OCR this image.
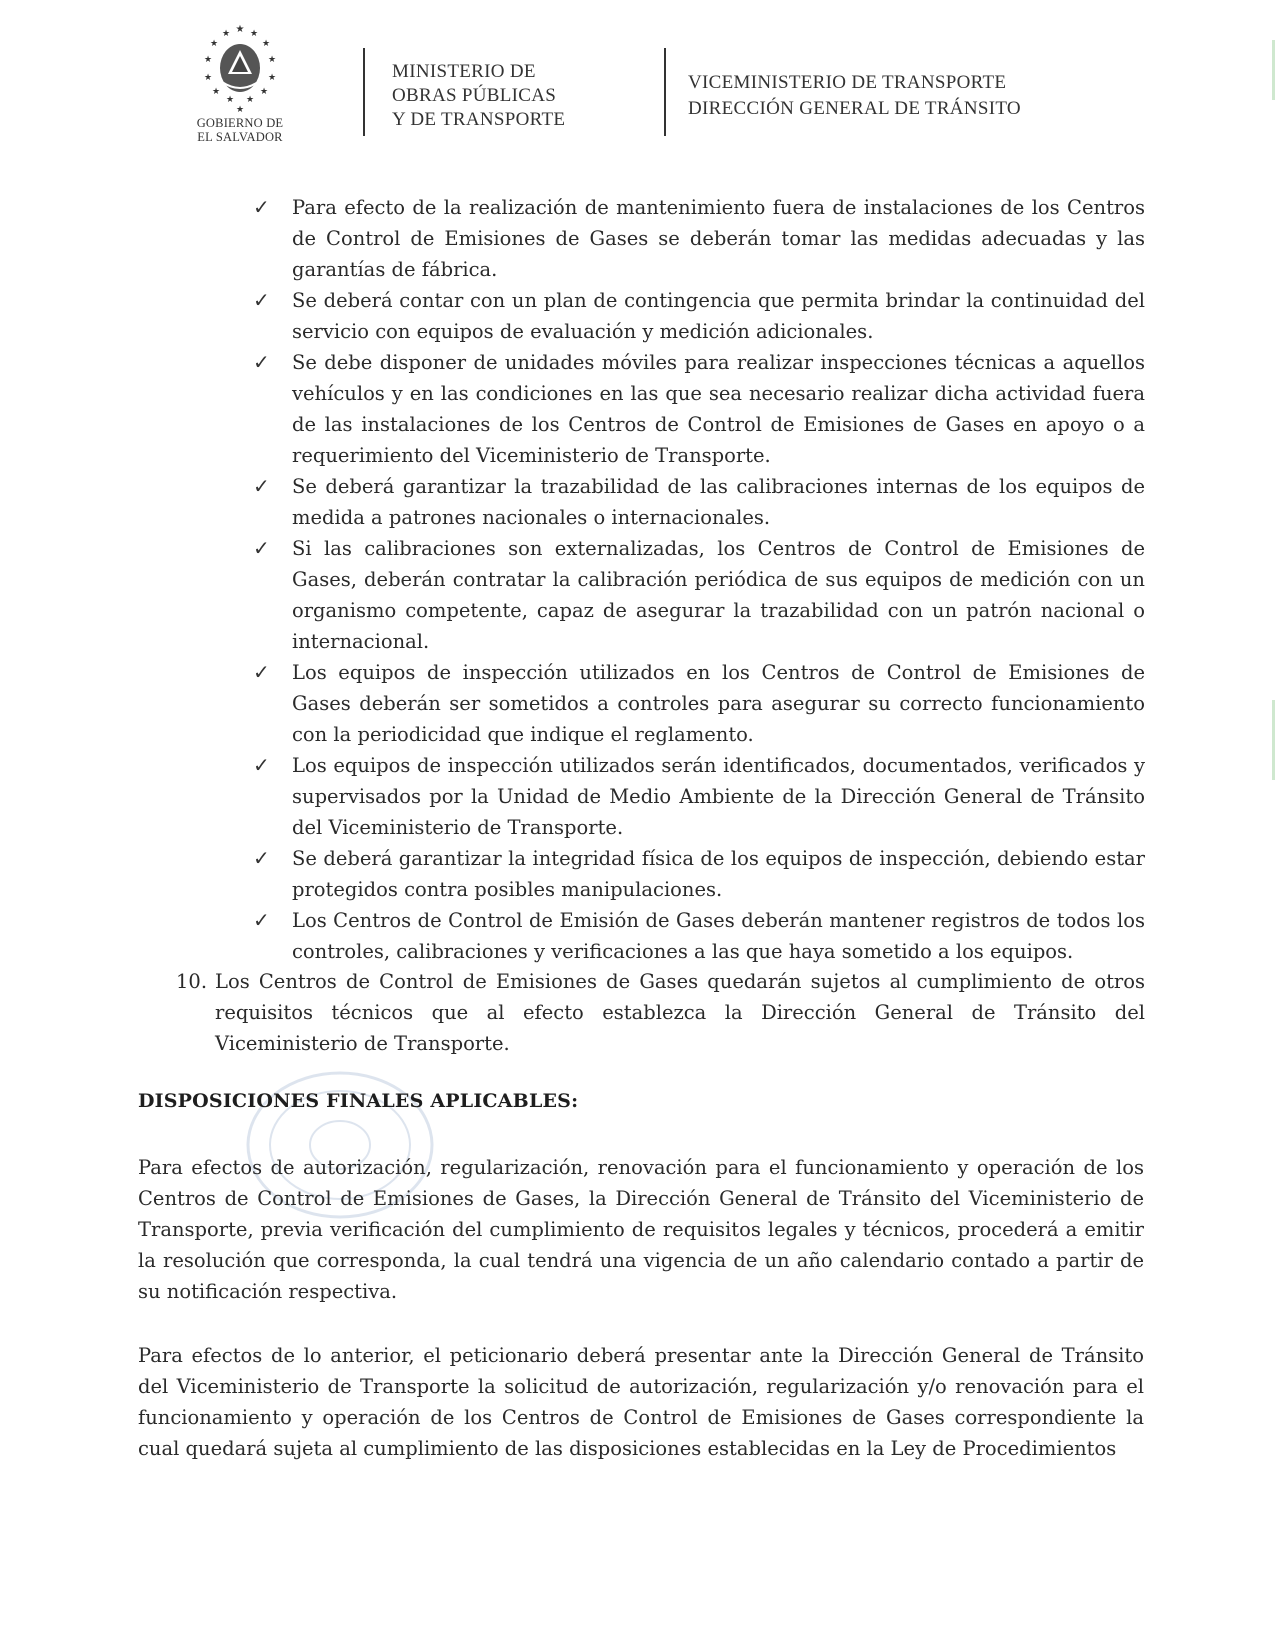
★
★ ★
★	★
★	★
★	★
★	★
★ ★
★
GOBIERNO DE
EL SALVADOR
MINISTERIO DE
OBRAS PÚBLICAS
Y DE TRANSPORTE
VICEMINISTERIO DE TRANSPORTE
DIRECCIÓN GENERAL DE TRÁNSITO
✓ Para efecto de la realización de mantenimiento fuera de instalaciones de los Centros de Control de Emisiones de Gases se deberán tomar las medidas adecuadas y las garantías de fábrica.
✓ Se deberá contar con un plan de contingencia que permita brindar la continuidad del servicio con equipos de evaluación y medición adicionales.
✓ Se debe disponer de unidades móviles para realizar inspecciones técnicas a aquellos vehículos y en las condiciones en las que sea necesario realizar dicha actividad fuera de las instalaciones de los Centros de Control de Emisiones de Gases en apoyo o a requerimiento del Viceministerio de Transporte.
✓ Se deberá garantizar la trazabilidad de las calibraciones internas de los equipos de medida a patrones nacionales o internacionales.
✓ Si las calibraciones son externalizadas, los Centros de Control de Emisiones de Gases, deberán contratar la calibración periódica de sus equipos de medición con un organismo competente, capaz de asegurar la trazabilidad con un patrón nacional o internacional.
✓ Los equipos de inspección utilizados en los Centros de Control de Emisiones de Gases deberán ser sometidos a controles para asegurar su correcto funcionamiento con la periodicidad que indique el reglamento.
✓ Los equipos de inspección utilizados serán identificados, documentados, verificados y supervisados por la Unidad de Medio Ambiente de la Dirección General de Tránsito del Viceministerio de Transporte.
✓ Se deberá garantizar la integridad física de los equipos de inspección, debiendo estar protegidos contra posibles manipulaciones.
✓ Los Centros de Control de Emisión de Gases deberán mantener registros de todos los controles, calibraciones y verificaciones a las que haya sometido a los equipos.
10. Los Centros de Control de Emisiones de Gases quedarán sujetos al cumplimiento de otros requisitos técnicos que al efecto establezca la Dirección General de Tránsito del Viceministerio de Transporte.
DISPOSICIONES FINALES APLICABLES:
Para efectos de autorización, regularización, renovación para el funcionamiento y operación de los Centros de Control de Emisiones de Gases, la Dirección General de Tránsito del Viceministerio de Transporte, previa verificación del cumplimiento de requisitos legales y técnicos, procederá a emitir la resolución que corresponda, la cual tendrá una vigencia de un año calendario contado a partir de su notificación respectiva.
Para efectos de lo anterior, el peticionario deberá presentar ante la Dirección General de Tránsito del Viceministerio de Transporte la solicitud de autorización, regularización y/o renovación para el funcionamiento y operación de los Centros de Control de Emisiones de Gases correspondiente la cual quedará sujeta al cumplimiento de las disposiciones establecidas en la Ley de Procedimientos
